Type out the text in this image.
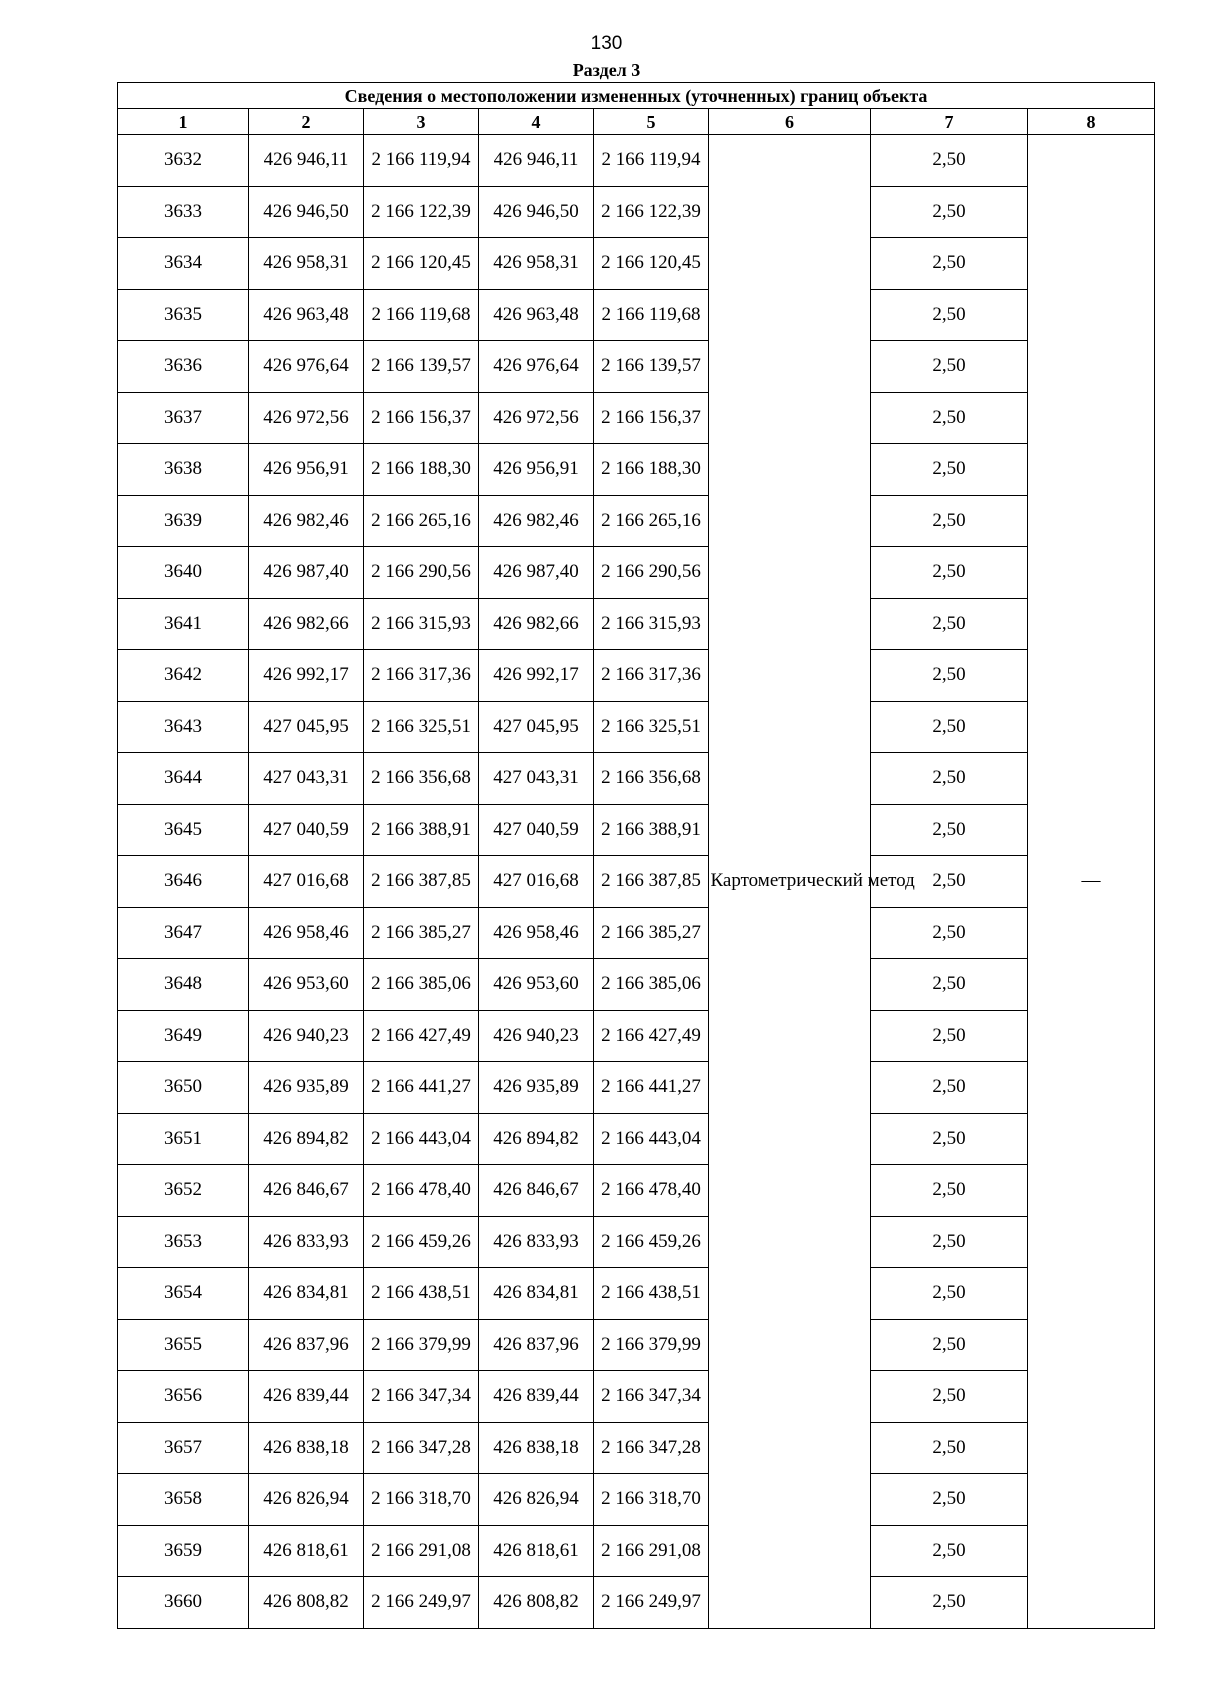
130
Раздел 3
Сведения о местоположении измененных (уточненных) границ объекта							
1	2	3	4	5	6	7	8
3632	426 946,11	2 166 119,94	426 946,11	2 166 119,94	Картометрический метод	2,50	—
3633	426 946,50	2 166 122,39	426 946,50	2 166 122,39		2,50	
3634	426 958,31	2 166 120,45	426 958,31	2 166 120,45		2,50	
3635	426 963,48	2 166 119,68	426 963,48	2 166 119,68		2,50	
3636	426 976,64	2 166 139,57	426 976,64	2 166 139,57		2,50	
3637	426 972,56	2 166 156,37	426 972,56	2 166 156,37		2,50	
3638	426 956,91	2 166 188,30	426 956,91	2 166 188,30		2,50	
3639	426 982,46	2 166 265,16	426 982,46	2 166 265,16		2,50	
3640	426 987,40	2 166 290,56	426 987,40	2 166 290,56		2,50	
3641	426 982,66	2 166 315,93	426 982,66	2 166 315,93		2,50	
3642	426 992,17	2 166 317,36	426 992,17	2 166 317,36		2,50	
3643	427 045,95	2 166 325,51	427 045,95	2 166 325,51		2,50	
3644	427 043,31	2 166 356,68	427 043,31	2 166 356,68		2,50	
3645	427 040,59	2 166 388,91	427 040,59	2 166 388,91		2,50	
3646	427 016,68	2 166 387,85	427 016,68	2 166 387,85		2,50	
3647	426 958,46	2 166 385,27	426 958,46	2 166 385,27		2,50	
3648	426 953,60	2 166 385,06	426 953,60	2 166 385,06		2,50	
3649	426 940,23	2 166 427,49	426 940,23	2 166 427,49		2,50	
3650	426 935,89	2 166 441,27	426 935,89	2 166 441,27		2,50	
3651	426 894,82	2 166 443,04	426 894,82	2 166 443,04		2,50	
3652	426 846,67	2 166 478,40	426 846,67	2 166 478,40		2,50	
3653	426 833,93	2 166 459,26	426 833,93	2 166 459,26		2,50	
3654	426 834,81	2 166 438,51	426 834,81	2 166 438,51		2,50	
3655	426 837,96	2 166 379,99	426 837,96	2 166 379,99		2,50	
3656	426 839,44	2 166 347,34	426 839,44	2 166 347,34		2,50	
3657	426 838,18	2 166 347,28	426 838,18	2 166 347,28		2,50	
3658	426 826,94	2 166 318,70	426 826,94	2 166 318,70		2,50	
3659	426 818,61	2 166 291,08	426 818,61	2 166 291,08		2,50	
3660	426 808,82	2 166 249,97	426 808,82	2 166 249,97		2,50	
